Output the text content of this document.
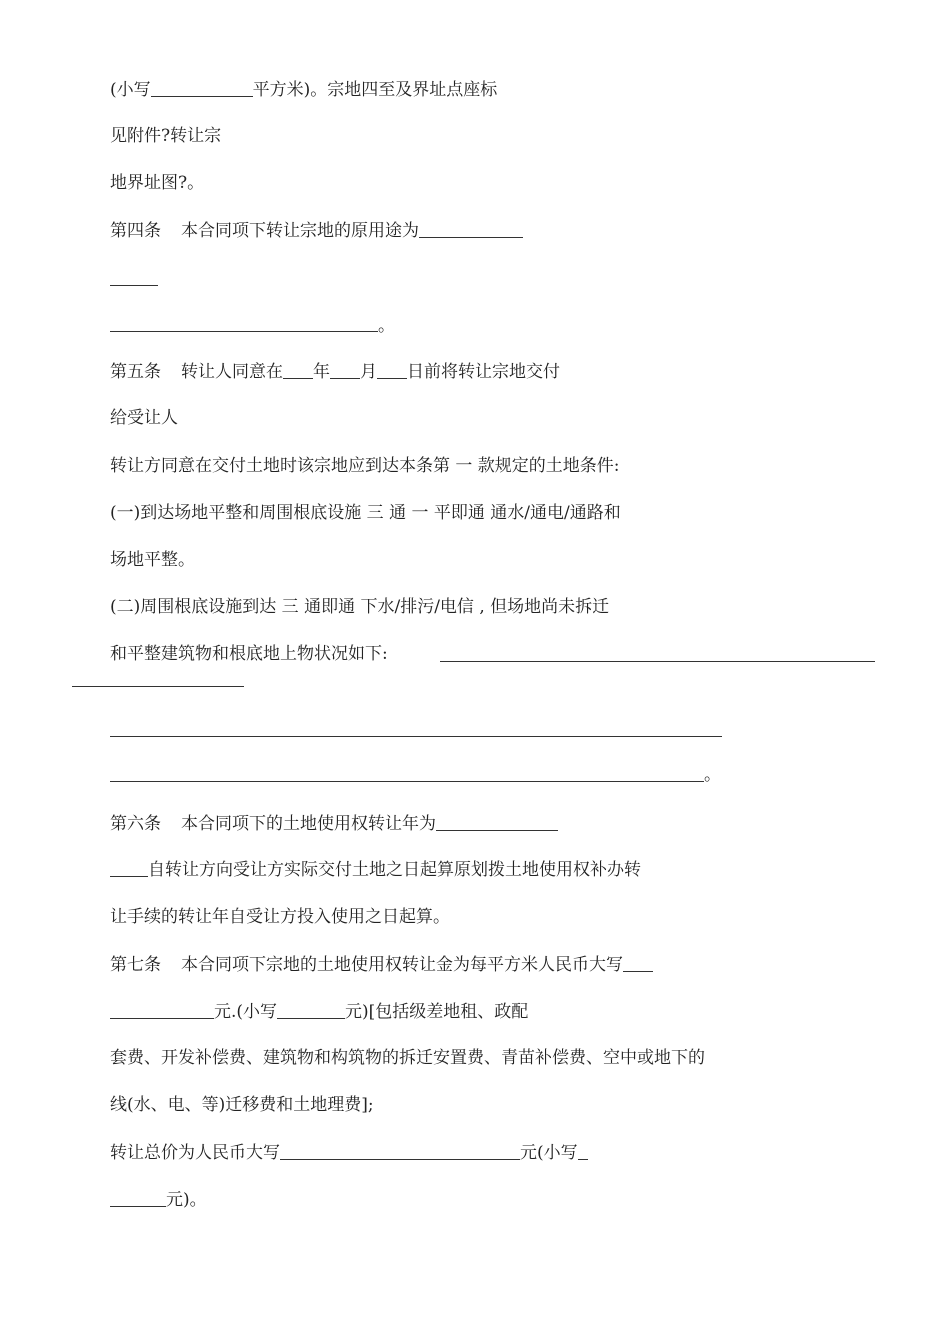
(小写	平方米)。宗地四至及界址点座标
见附件?转让宗
地界址图?。
第四条 本合同项下转让宗地的原用途为
。
第五条 转让人同意在 年 月 日前将转让宗地交付
给受让人
转让方同意在交付土地时该宗地应到达本条第 一 款规定的土地条件:
(一)到达场地平整和周围根底设施 三 通 一 平即通 通水/通电/通路和
场地平整。
(二)周围根底设施到达 三 通即通 下水/排污/电信 , 但场地尚未拆迁
和平整建筑物和根底地上物状况如下:
。
第六条 本合同项下的土地使用权转让年为
自转让方向受让方实际交付土地之日起算原划拨土地使用权补办转
让手续的转让年自受让方投入使用之日起算。
第七条 本合同项下宗地的土地使用权转让金为每平方米人民币大写
元.(小写	元)[包括级差地租、政配
套费、开发补偿费、建筑物和构筑物的拆迁安置费、青苗补偿费、空中或地下的
线(水、电、等)迁移费和土地理费];
转让总价为人民币大写	元(小写
元)。
